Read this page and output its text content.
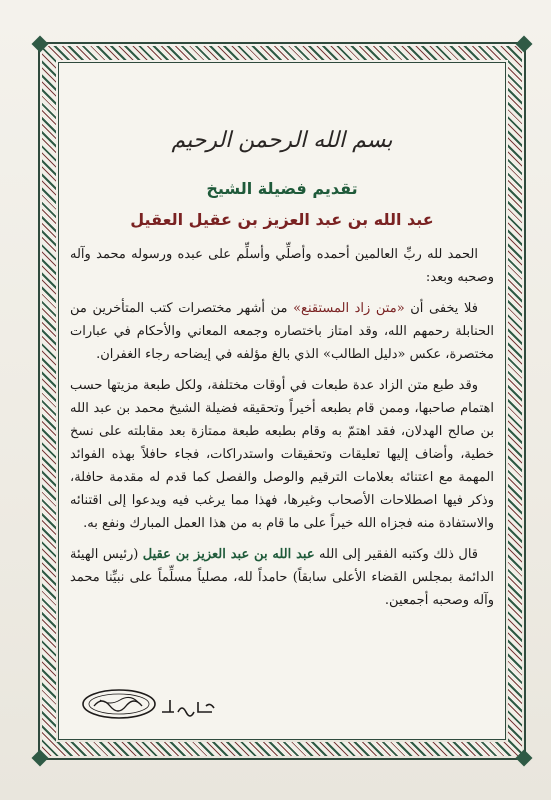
بسم الله الرحمن الرحيم
تقديم فضيلة الشيخ
عبد الله بن عبد العزيز بن عقيل العقيل

الحمد لله ربِّ العالمين أحمده وأصلِّي وأسلِّم على عبده ورسوله محمد وآله وصحبه وبعد:

فلا يخفى أن «متن زاد المستقنع» من أشهر مختصرات كتب المتأخرين من الحنابلة رحمهم الله، وقد امتاز باختصاره وجمعه المعاني والأحكام في عبارات مختصرة، عكس «دليل الطالب» الذي بالغ مؤلفه في إيضاحه رجاء الغفران.

وقد طبع متن الزاد عدة طبعات في أوقات مختلفة، ولكل طبعة مزيتها حسب اهتمام صاحبها، وممن قام بطبعه أخيراً وتحقيقه فضيلة الشيخ محمد بن عبد الله بن صالح الهدلان، فقد اهتمّ به وقام بطبعه طبعة ممتازة بعد مقابلته على نسخ خطية، وأضاف إليها تعليقات وتحقيقات واستدراكات، فجاء حافلاً بهذه الفوائد المهمة مع اعتنائه بعلامات الترقيم والوصل والفصل كما قدم له مقدمة حافلة، وذكر فيها اصطلاحات الأصحاب وغيرها، فهذا مما يرغب فيه ويدعوا إلى اقتنائه والاستفادة منه فجزاه الله خيراً على ما قام به من هذا العمل المبارك ونفع به.

قال ذلك وكتبه الفقير إلى الله عبد الله بن عبد العزيز بن عقيل (رئيس الهيئة الدائمة بمجلس القضاء الأعلى سابقاً) حامداً لله، مصلياً مسلِّماً على نبيِّنا محمد وآله وصحبه أجمعين.
